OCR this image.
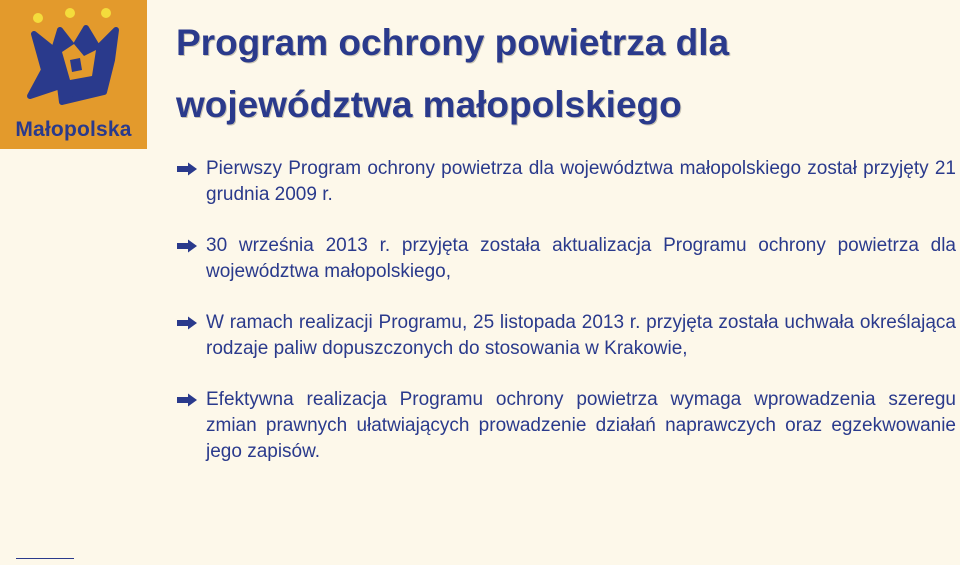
Małopolska
Program ochrony powietrza dla województwa małopolskiego
Pierwszy Program ochrony powietrza dla województwa małopolskiego został przyjęty 21 grudnia 2009 r.
30 września 2013 r. przyjęta została aktualizacja Programu ochrony powietrza dla województwa małopolskiego,
W ramach realizacji Programu, 25 listopada 2013 r. przyjęta została uchwała określająca rodzaje paliw dopuszczonych do stosowania w Krakowie,
Efektywna realizacja Programu ochrony powietrza wymaga wprowadzenia szeregu zmian prawnych ułatwiających prowadzenie działań naprawczych oraz egzekwowanie jego zapisów.
